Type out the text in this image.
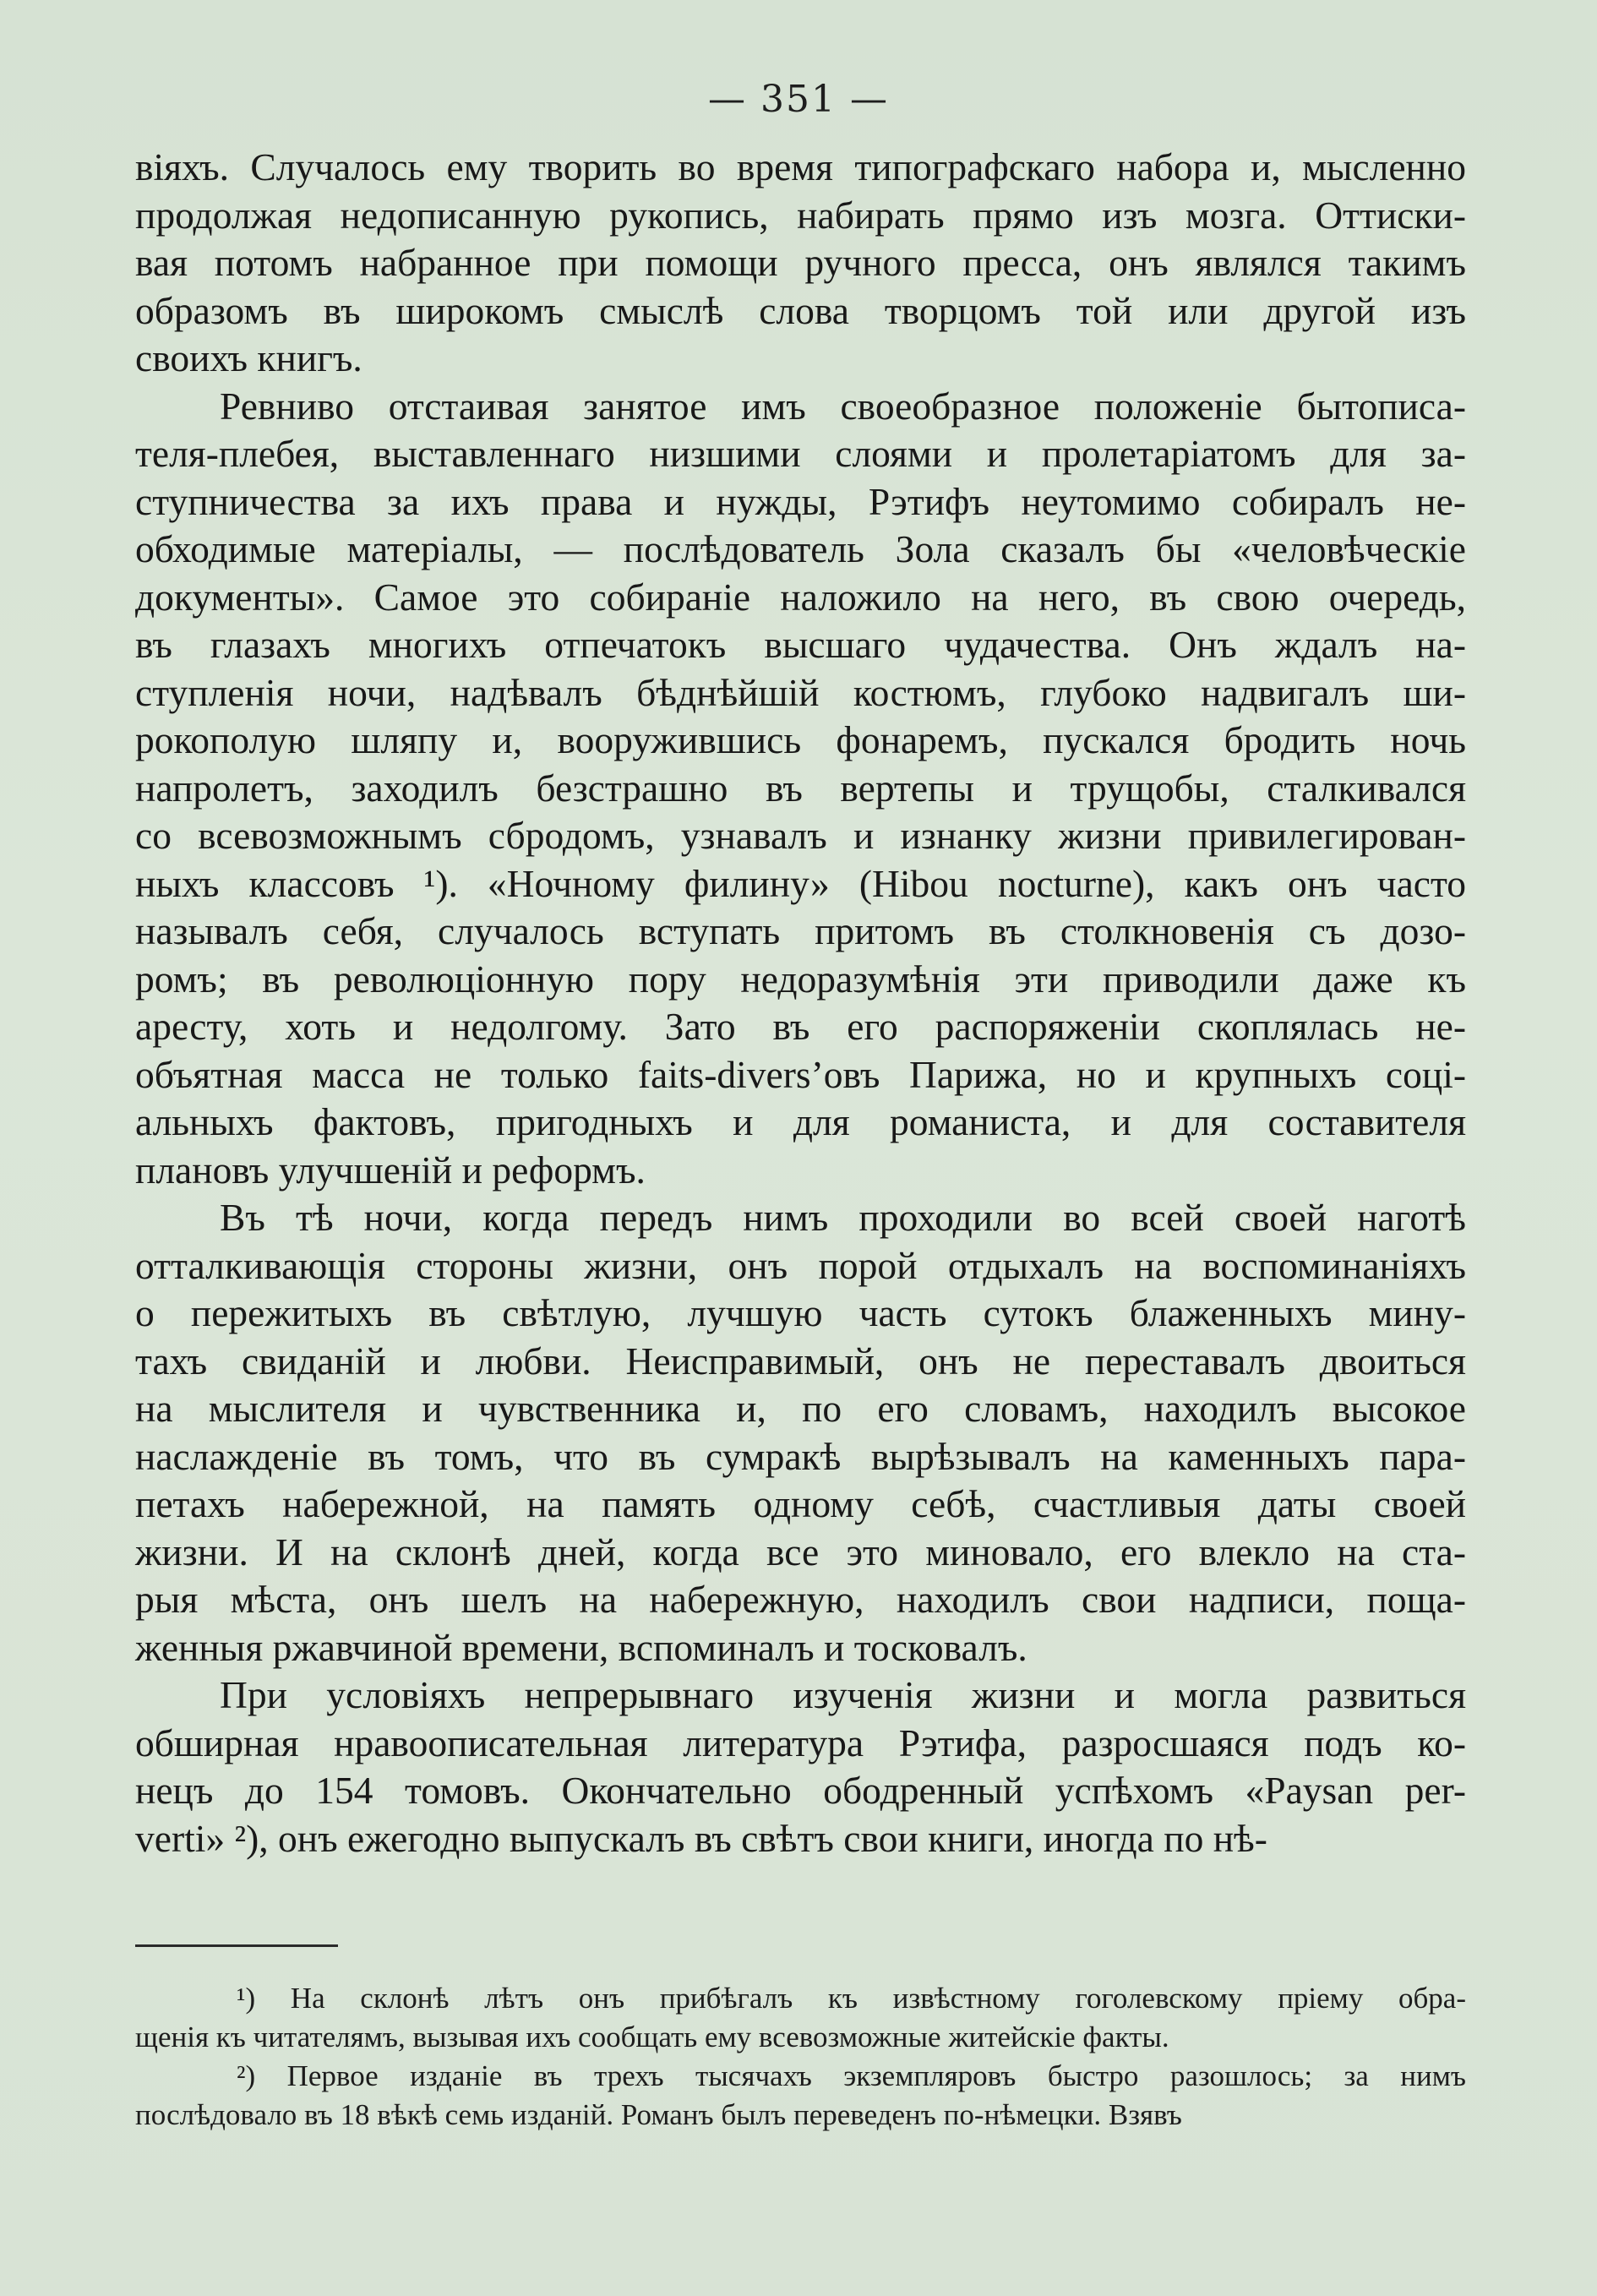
— 351 —
віяхъ. Случалось ему творить во время типографскаго набора и, мысленно
продолжая недописанную рукопись, набирать прямо изъ мозга. Оттиски-
вая потомъ набранное при помощи ручного пресса, онъ являлся такимъ
образомъ въ широкомъ смыслѣ слова творцомъ той или другой изъ
своихъ книгъ.
Ревниво отстаивая занятое имъ своеобразное положеніе бытописа-
теля-плебея, выставленнаго низшими слоями и пролетаріатомъ для за-
ступничества за ихъ права и нужды, Рэтифъ неутомимо собиралъ не-
обходимые матеріалы, — послѣдователь Зола сказалъ бы «человѣческіе
документы». Самое это собираніе наложило на него, въ свою очередь,
въ глазахъ многихъ отпечатокъ высшаго чудачества. Онъ ждалъ на-
ступленія ночи, надѣвалъ бѣднѣйшій костюмъ, глубоко надвигалъ ши-
рокополую шляпу и, вооружившись фонаремъ, пускался бродить ночь
напролетъ, заходилъ безстрашно въ вертепы и трущобы, сталкивался
со всевозможнымъ сбродомъ, узнавалъ и изнанку жизни привилегирован-
ныхъ классовъ ¹). «Ночному филину» (Hibou nocturne), какъ онъ часто
называлъ себя, случалось вступать притомъ въ столкновенія съ дозо-
ромъ; въ революціонную пору недоразумѣнія эти приводили даже къ
аресту, хоть и недолгому. Зато въ его распоряженіи скоплялась не-
объятная масса не только faits-divers’овъ Парижа, но и крупныхъ соці-
альныхъ фактовъ, пригодныхъ и для романиста, и для составителя
плановъ улучшеній и реформъ.
Въ тѣ ночи, когда передъ нимъ проходили во всей своей наготѣ
отталкивающія стороны жизни, онъ порой отдыхалъ на воспоминаніяхъ
о пережитыхъ въ свѣтлую, лучшую часть сутокъ блаженныхъ мину-
тахъ свиданій и любви. Неисправимый, онъ не переставалъ двоиться
на мыслителя и чувственника и, по его словамъ, находилъ высокое
наслажденіе въ томъ, что въ сумракѣ вырѣзывалъ на каменныхъ пара-
петахъ набережной, на память одному себѣ, счастливыя даты своей
жизни. И на склонѣ дней, когда все это миновало, его влекло на ста-
рыя мѣста, онъ шелъ на набережную, находилъ свои надписи, поща-
женныя ржавчиной времени, вспоминалъ и тосковалъ.
При условіяхъ непрерывнаго изученія жизни и могла развиться
обширная нравоописательная литература Рэтифа, разросшаяся подъ ко-
нецъ до 154 томовъ. Окончательно ободренный успѣхомъ «Paysan per-
verti» ²), онъ ежегодно выпускалъ въ свѣтъ свои книги, иногда по нѣ-
¹) На склонѣ лѣтъ онъ прибѣгалъ къ извѣстному гоголевскому пріему обра-
щенія къ читателямъ, вызывая ихъ сообщать ему всевозможные житейскіе факты.
²) Первое изданіе въ трехъ тысячахъ экземпляровъ быстро разошлось; за нимъ
послѣдовало въ 18 вѣкѣ семь изданій. Романъ былъ переведенъ по-нѣмецки. Взявъ
